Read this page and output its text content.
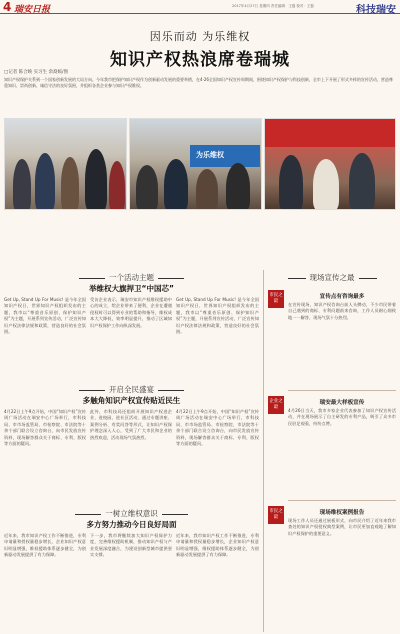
4 瑞安日报	2017年4月27日 星期四 责任编辑：王磊 校对：王磊	科技瑞安
因乐而动 为乐维权
知识产权热浪席卷瑞城
□记者 陈合映 实习生 余裔嫣/图
知识产权保护关系到一个国家创新发展的大局方向。今年我市把保护知识产权作为创新驱动发展的重要举措，在4·26全国知识产权宣传周期间，围绕知识产权保护与科技创新，全市上下开展了形式多样的宣传活动，营造尊重知识、崇尚创新、诚信守法的良好氛围，并组织各类企业参与知识产权维权。
为乐维权
一个活动主题
举维权大旗捍卫“中国芯”
Get Up, Stand Up For Music! 是今年全国知识产权日，世界知识产权组织发布的主题，我市以“尊重音乐原创、保护知识产权”为主题，开展系列宣传活动，广泛宣传知识产权法律法规和政策，营造良好的社会氛围。
受访企业表示，瑞安市知识产权维权援助中心的成立，给企业带来了便利，企业在遭遇侵权时可以得到专业的帮助和指导，维权成本大大降低，效率明显提升，推动了区域知识产权保护工作向纵深发展。
Get Up, Stand Up For Music! 是今年全国知识产权日，世界知识产权组织发布的主题，我市以“尊重音乐原创、保护知识产权”为主题，开展系列宣传活动，广泛宣传知识产权法律法规和政策，营造良好的社会氛围。
开启全民盛宴
多触角知识产权宣传贴近民生
4月22日上午9点开始，中国“知识产权”宣传周广场活动在瑞安中心广场举行，市科技局、市市场监管局、市检察院、市法院等十余个部门联合设立咨询台，向市民发放宣传资料，现场解答群众关于商标、专利、版权等方面的疑问。
此外，市科技局还组织开展知识产权进企业、进校园、进社区活动，通过专题讲座、案例分析、有奖问答等形式，让知识产权保护理念深入人心，受到了广大市民和企业的热烈欢迎，活动现场气氛热烈。
4月22日上午9点开始，中国“知识产权”宣传周广场活动在瑞安中心广场举行，市科技局、市市场监管局、市检察院、市法院等十余个部门联合设立咨询台，向市民发放宣传资料，现场解答群众关于商标、专利、版权等方面的疑问。
一树立维权意识
多方努力推动今日良好局面
近年来，我市知识产权工作不断推进，专利申请量和授权量稳步增长，企业知识产权意识明显增强，维权援助体系逐步健全，为创新驱动发展提供了有力保障。
下一步，我市将继续加大知识产权保护力度，完善维权援助机制，推动知识产权与产业发展深度融合，为建设创新型城市提供坚实支撑。
近年来，我市知识产权工作不断推进，专利申请量和授权量稳步增长，企业知识产权意识明显增强，维权援助体系逐步健全，为创新驱动发展提供了有力保障。
现场宣传之最
市民之最
宣传点有咨询最多
在宣传现场，知识产权咨询台前人头攒动，不少市民带着自己遇到的商标、专利问题前来咨询，工作人员耐心细致地一一解答，现场气氛十分热烈。
企业之最
瑞安最大样板宣传
4月26日当天，我市多家企业代表参加了知识产权宣传活动，并在现场展示了自主研发的专利产品，吸引了众多市民驻足观看，纷纷点赞。
市民之最
现场维权案例报告
现场工作人员还通过展板形式，向市民介绍了近年来我市查处的知识产权侵权典型案例，让市民更加直观地了解知识产权保护的重要意义。
